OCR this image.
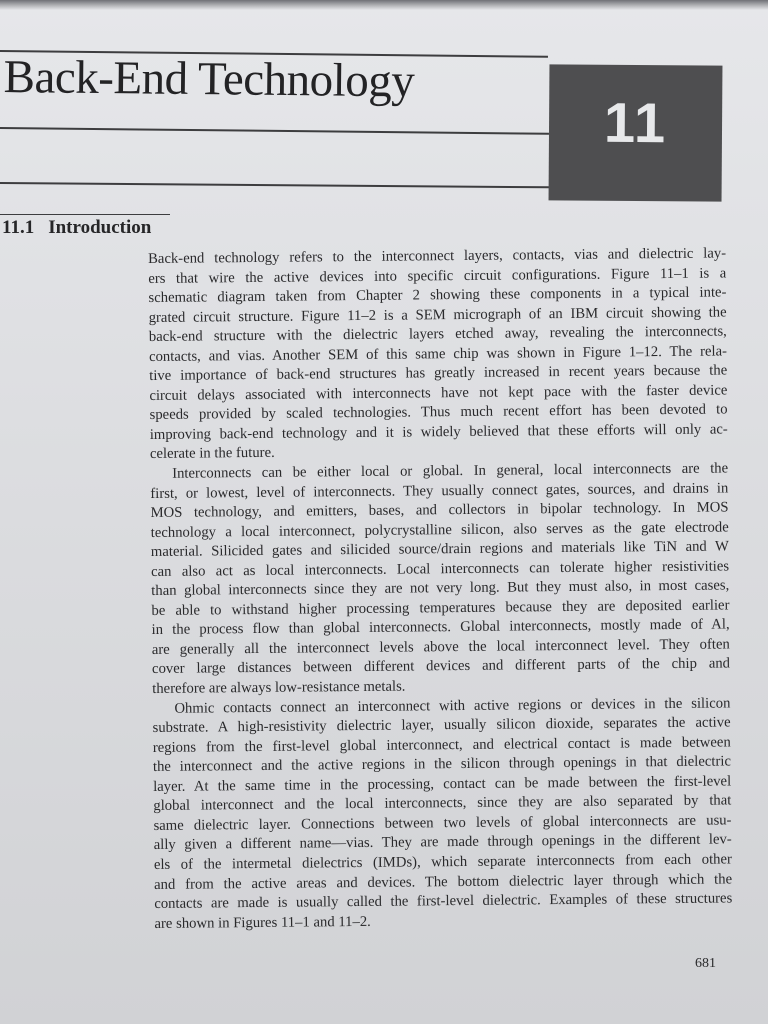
Back-End Technology
11
11.1 Introduction
Back-end technology refers to the interconnect layers, contacts, vias and dielectric lay-
ers that wire the active devices into specific circuit configurations. Figure 11–1 is a
schematic diagram taken from Chapter 2 showing these components in a typical inte-
grated circuit structure. Figure 11–2 is a SEM micrograph of an IBM circuit showing the
back-end structure with the dielectric layers etched away, revealing the interconnects,
contacts, and vias. Another SEM of this same chip was shown in Figure 1–12. The rela-
tive importance of back-end structures has greatly increased in recent years because the
circuit delays associated with interconnects have not kept pace with the faster device
speeds provided by scaled technologies. Thus much recent effort has been devoted to
improving back-end technology and it is widely believed that these efforts will only ac-
celerate in the future.
Interconnects can be either local or global. In general, local interconnects are the
first, or lowest, level of interconnects. They usually connect gates, sources, and drains in
MOS technology, and emitters, bases, and collectors in bipolar technology. In MOS
technology a local interconnect, polycrystalline silicon, also serves as the gate electrode
material. Silicided gates and silicided source/drain regions and materials like TiN and W
can also act as local interconnects. Local interconnects can tolerate higher resistivities
than global interconnects since they are not very long. But they must also, in most cases,
be able to withstand higher processing temperatures because they are deposited earlier
in the process flow than global interconnects. Global interconnects, mostly made of Al,
are generally all the interconnect levels above the local interconnect level. They often
cover large distances between different devices and different parts of the chip and
therefore are always low-resistance metals.
Ohmic contacts connect an interconnect with active regions or devices in the silicon
substrate. A high-resistivity dielectric layer, usually silicon dioxide, separates the active
regions from the first-level global interconnect, and electrical contact is made between
the interconnect and the active regions in the silicon through openings in that dielectric
layer. At the same time in the processing, contact can be made between the first-level
global interconnect and the local interconnects, since they are also separated by that
same dielectric layer. Connections between two levels of global interconnects are usu-
ally given a different name—vias. They are made through openings in the different lev-
els of the intermetal dielectrics (IMDs), which separate interconnects from each other
and from the active areas and devices. The bottom dielectric layer through which the
contacts are made is usually called the first-level dielectric. Examples of these structures
are shown in Figures 11–1 and 11–2.
681
